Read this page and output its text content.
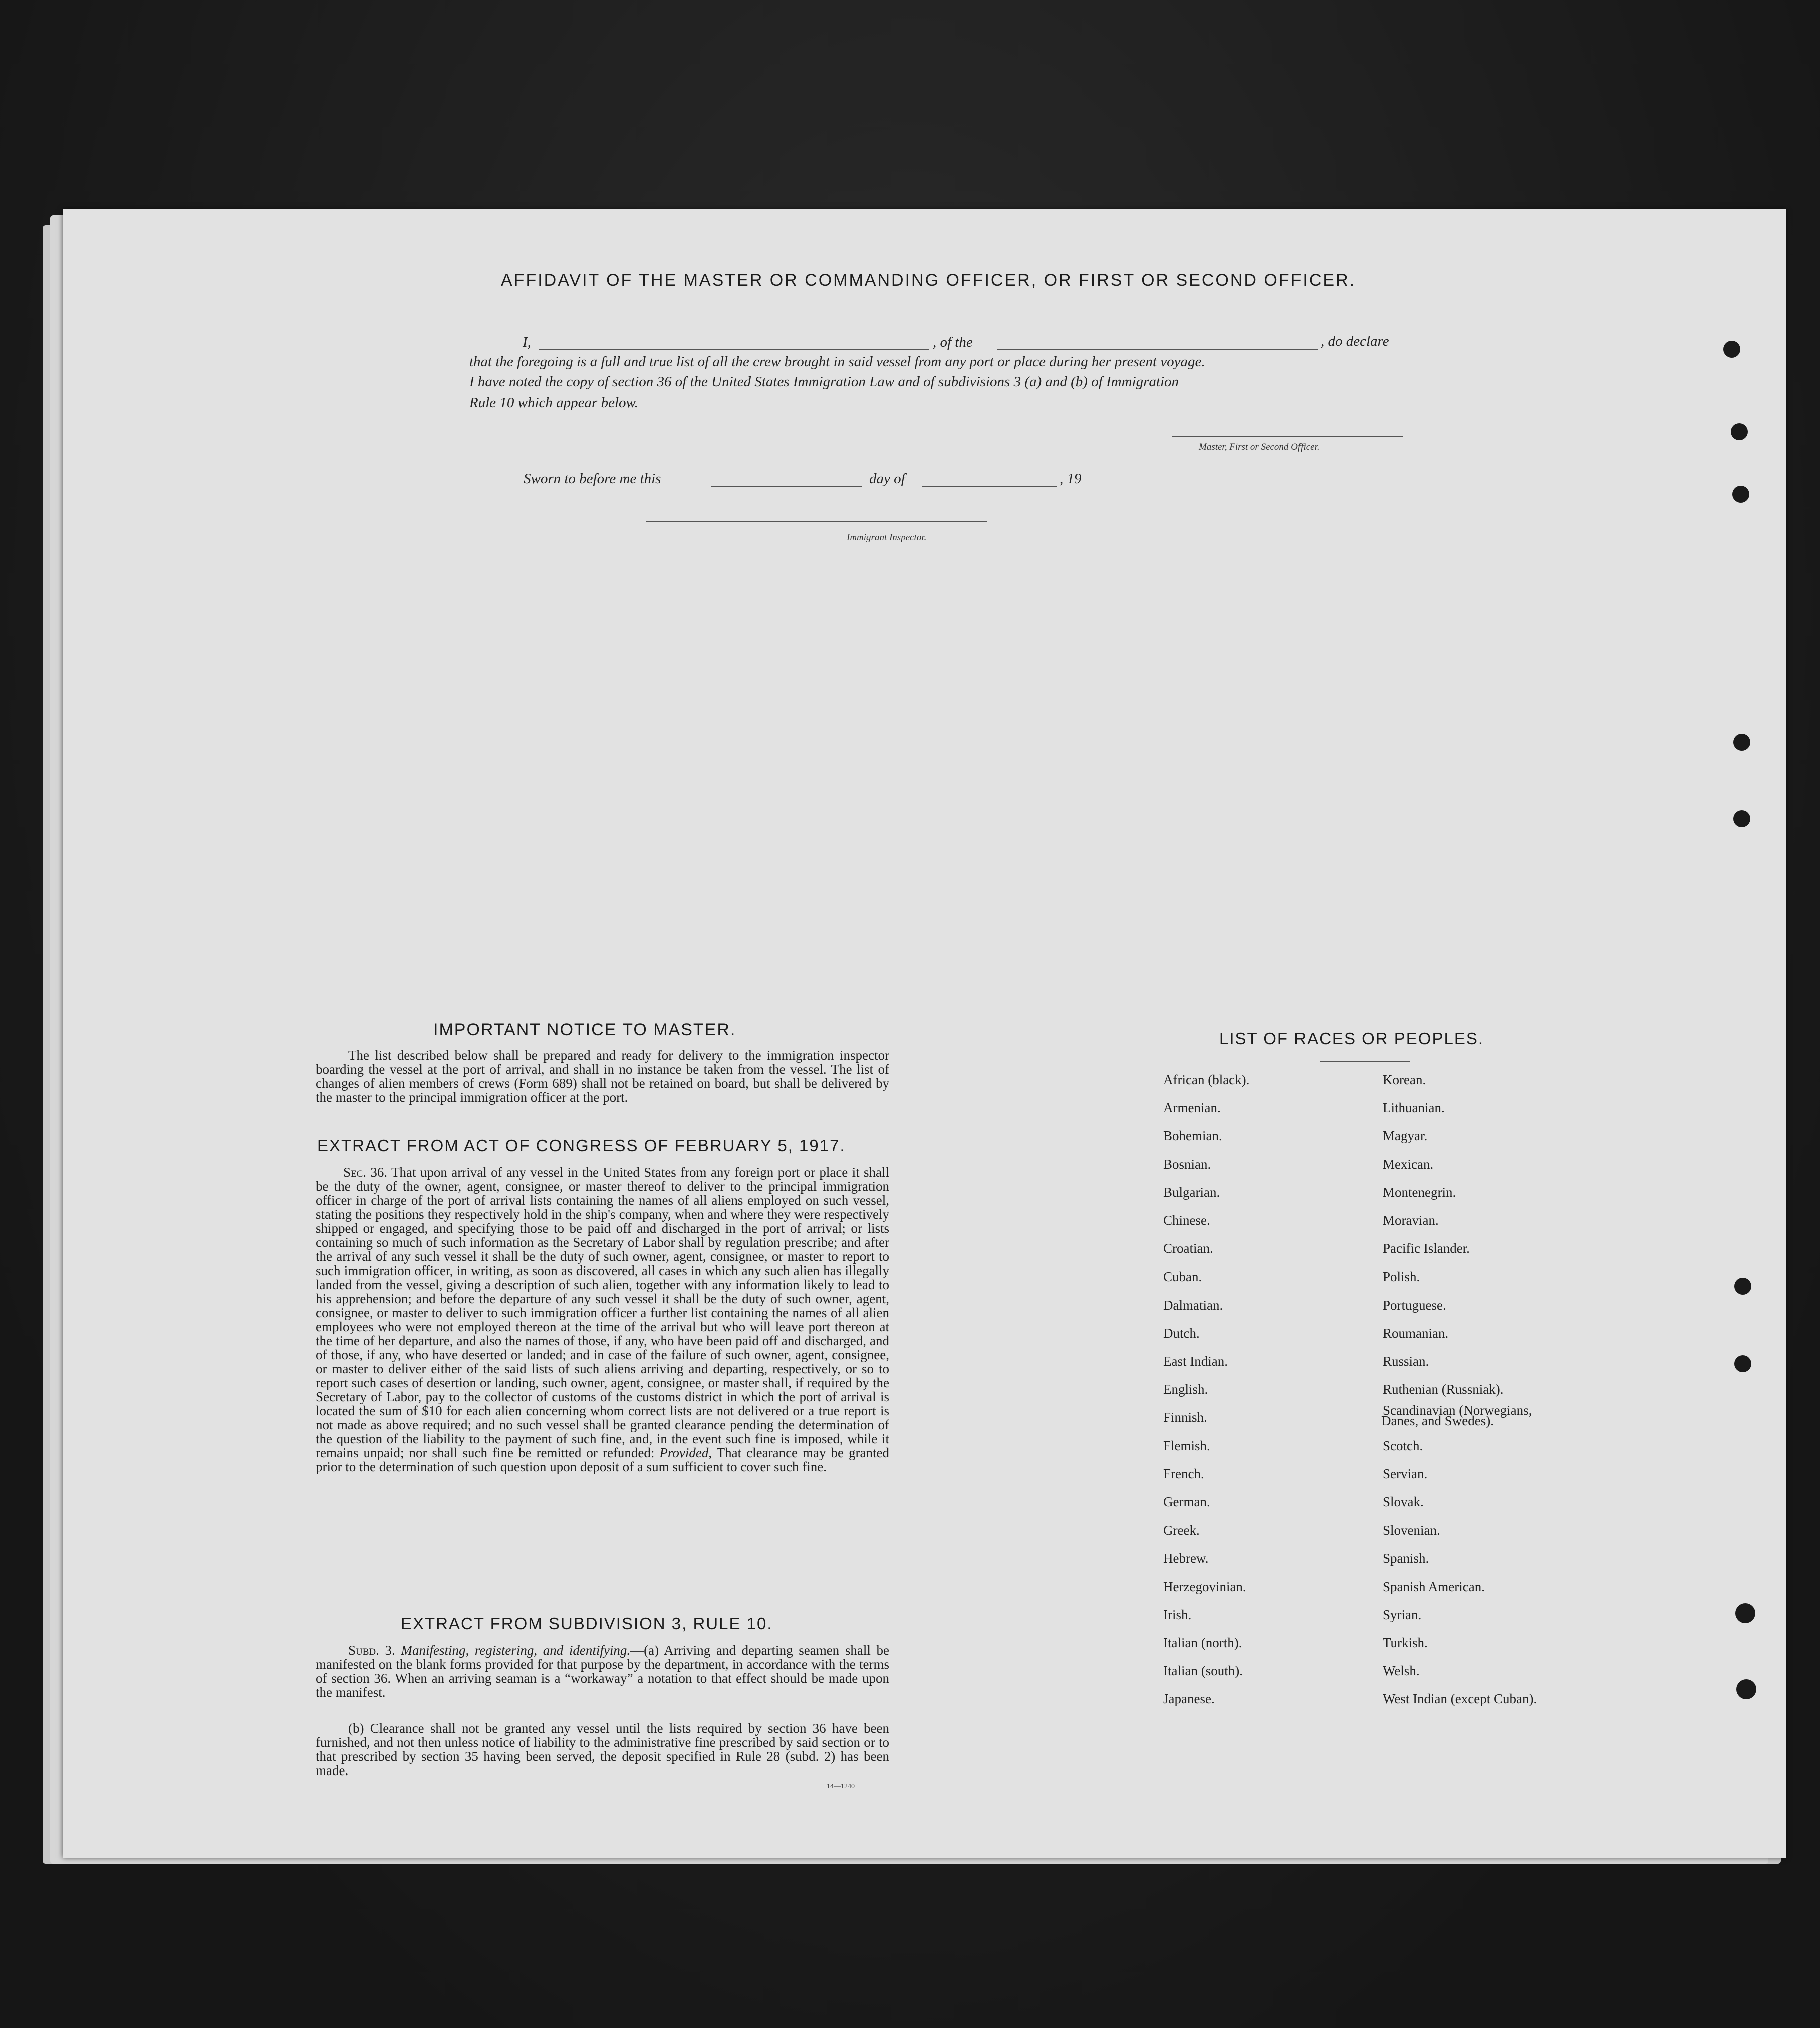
AFFIDAVIT OF THE MASTER OR COMMANDING OFFICER, OR FIRST OR SECOND OFFICER.
I,	, of the	, do declare
that the foregoing is a full and true list of all the crew brought in said vessel from any port or place during her present voyage.
I have noted the copy of section 36 of the United States Immigration Law and of subdivisions 3 (a) and (b) of Immigration
Rule 10 which appear below.
Master, First or Second Officer.
Sworn to before me this	day of	, 19
Immigrant Inspector.
IMPORTANT NOTICE TO MASTER.
The list described below shall be prepared and ready for delivery to the immigration inspector boarding the vessel at the port of arrival, and shall in no instance be taken from the vessel. The list of changes of alien members of crews (Form 689) shall not be retained on board, but shall be delivered by the master to the principal immigration officer at the port.
EXTRACT FROM ACT OF CONGRESS OF FEBRUARY 5, 1917.
Sec. 36. That upon arrival of any vessel in the United States from any foreign port or place it shall be the duty of the owner, agent, consignee, or master thereof to deliver to the principal immigration officer in charge of the port of arrival lists containing the names of all aliens employed on such vessel, stating the positions they respectively hold in the ship's company, when and where they were respectively shipped or engaged, and specifying those to be paid off and discharged in the port of arrival; or lists containing so much of such information as the Secretary of Labor shall by regulation prescribe; and after the arrival of any such vessel it shall be the duty of such owner, agent, consignee, or master to report to such immigration officer, in writing, as soon as discovered, all cases in which any such alien has illegally landed from the vessel, giving a description of such alien, together with any information likely to lead to his apprehension; and before the departure of any such vessel it shall be the duty of such owner, agent, consignee, or master to deliver to such immigration officer a further list containing the names of all alien employees who were not employed thereon at the time of the arrival but who will leave port thereon at the time of her departure, and also the names of those, if any, who have been paid off and discharged, and of those, if any, who have deserted or landed; and in case of the failure of such owner, agent, consignee, or master to deliver either of the said lists of such aliens arriving and departing, respectively, or so to report such cases of desertion or landing, such owner, agent, consignee, or master shall, if required by the Secretary of Labor, pay to the collector of customs of the customs district in which the port of arrival is located the sum of $10 for each alien concerning whom correct lists are not delivered or a true report is not made as above required; and no such vessel shall be granted clearance pending the determination of the question of the liability to the payment of such fine, and, in the event such fine is imposed, while it remains unpaid; nor shall such fine be remitted or refunded: Provided, That clearance may be granted prior to the determination of such question upon deposit of a sum sufficient to cover such fine.
EXTRACT FROM SUBDIVISION 3, RULE 10.
Subd. 3. Manifesting, registering, and identifying.—(a) Arriving and departing seamen shall be manifested on the blank forms provided for that purpose by the department, in accordance with the terms of section 36. When an arriving seaman is a “workaway” a notation to that effect should be made upon the manifest.
(b) Clearance shall not be granted any vessel until the lists required by section 36 have been furnished, and not then unless notice of liability to the administrative fine prescribed by said section or to that prescribed by section 35 having been served, the deposit specified in Rule 28 (subd. 2) has been made.
14—1240
LIST OF RACES OR PEOPLES.
African (black).
Armenian.
Bohemian.
Bosnian.
Bulgarian.
Chinese.
Croatian.
Cuban.
Dalmatian.
Dutch.
East Indian.
English.
Finnish.
Flemish.
French.
German.
Greek.
Hebrew.
Herzegovinian.
Irish.
Italian (north).
Italian (south).
Japanese.
Korean.
Lithuanian.
Magyar.
Mexican.
Montenegrin.
Moravian.
Pacific Islander.
Polish.
Portuguese.
Roumanian.
Russian.
Ruthenian (Russniak).
Scandinavian (Norwegians,
Scotch.
Servian.
Slovak.
Slovenian.
Spanish.
Spanish American.
Syrian.
Turkish.
Welsh.
West Indian (except Cuban).
Danes, and Swedes).
